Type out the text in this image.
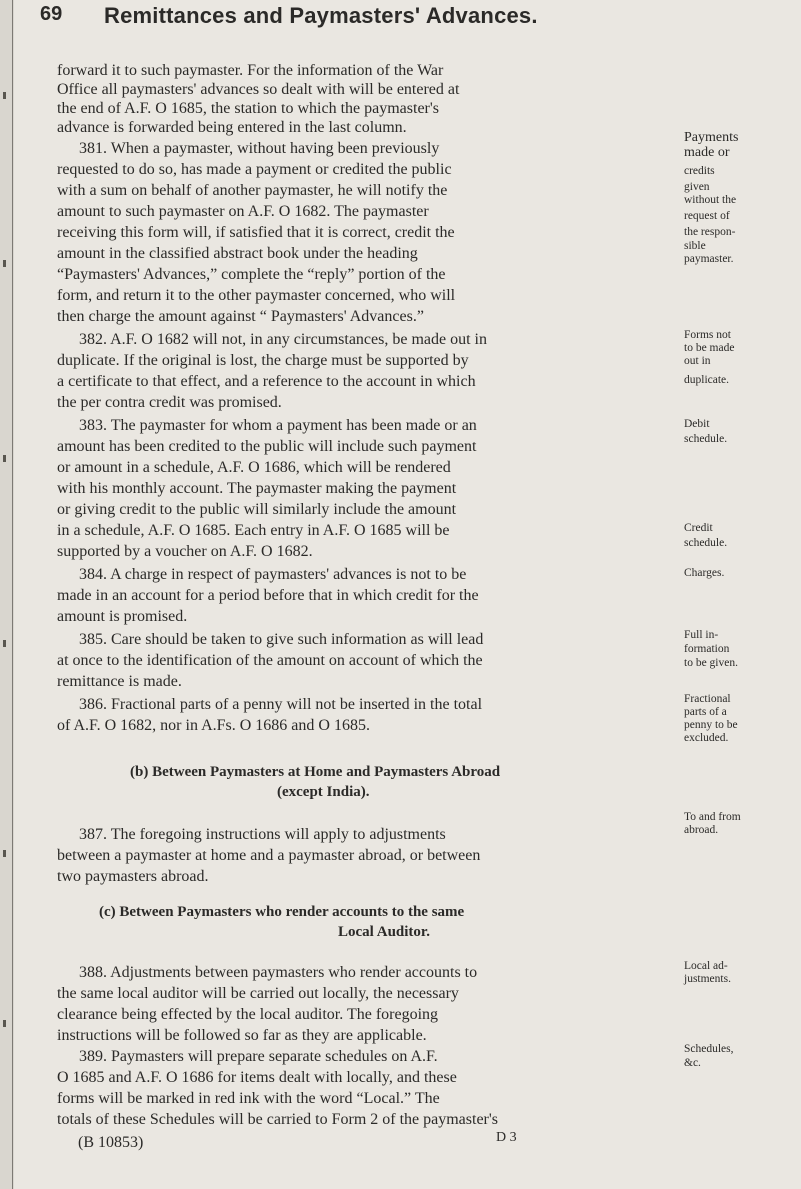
69 Remittances and Paymasters' Advances.
forward it to such paymaster. For the information of the War
Office all paymasters' advances so dealt with will be entered at
the end of A.F. O 1685, the station to which the paymaster's
advance is forwarded being entered in the last column.
381. When a paymaster, without having been previously
requested to do so, has made a payment or credited the public
with a sum on behalf of another paymaster, he will notify the
amount to such paymaster on A.F. O 1682. The paymaster
receiving this form will, if satisfied that it is correct, credit the
amount in the classified abstract book under the heading
“Paymasters' Advances,” complete the “reply” portion of the
form, and return it to the other paymaster concerned, who will
then charge the amount against “ Paymasters' Advances.”
382. A.F. O 1682 will not, in any circumstances, be made out in
duplicate. If the original is lost, the charge must be supported by
a certificate to that effect, and a reference to the account in which
the per contra credit was promised.
383. The paymaster for whom a payment has been made or an
amount has been credited to the public will include such payment
or amount in a schedule, A.F. O 1686, which will be rendered
with his monthly account. The paymaster making the payment
or giving credit to the public will similarly include the amount
in a schedule, A.F. O 1685. Each entry in A.F. O 1685 will be
supported by a voucher on A.F. O 1682.
384. A charge in respect of paymasters' advances is not to be
made in an account for a period before that in which credit for the
amount is promised.
385. Care should be taken to give such information as will lead
at once to the identification of the amount on account of which the
remittance is made.
386. Fractional parts of a penny will not be inserted in the total
of A.F. O 1682, nor in A.Fs. O 1686 and O 1685.
(b) Between Paymasters at Home and Paymasters Abroad
(except India).
387. The foregoing instructions will apply to adjustments
between a paymaster at home and a paymaster abroad, or between
two paymasters abroad.
(c) Between Paymasters who render accounts to the same
Local Auditor.
388. Adjustments between paymasters who render accounts to
the same local auditor will be carried out locally, the necessary
clearance being effected by the local auditor. The foregoing
instructions will be followed so far as they are applicable.
389. Paymasters will prepare separate schedules on A.F.
O 1685 and A.F. O 1686 for items dealt with locally, and these
forms will be marked in red ink with the word “Local.” The
totals of these Schedules will be carried to Form 2 of the paymaster's
Payments
made or
credits
given
without the
request of
the respon-
sible
paymaster.
Forms not
to be made
out in
duplicate.
Debit
schedule.
Credit
schedule.
Charges.
Full in-
formation
to be given.
Fractional
parts of a
penny to be
excluded.
To and from
abroad.
Local ad-
justments.
Schedules,
&c.
(B 10853)	D 3
